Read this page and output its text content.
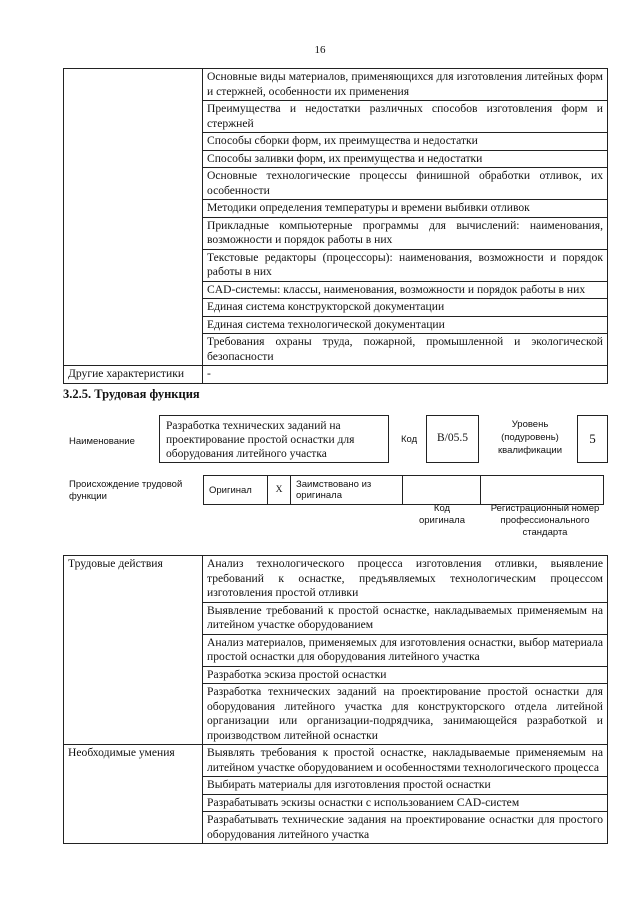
16
	Основные виды материалов, применяющихся для изготовления литейных форм и стержней, особенности их применения
	Преимущества и недостатки различных способов изготовления форм и стержней
	Способы сборки форм, их преимущества и недостатки
	Способы заливки форм, их преимущества и недостатки
	Основные технологические процессы финишной обработки отливок, их особенности
	Методики определения температуры и времени выбивки отливок
	Прикладные компьютерные программы для вычислений: наименования, возможности и порядок работы в них
	Текстовые редакторы (процессоры): наименования, возможности и порядок работы в них
	CAD-системы: классы, наименования, возможности и порядок работы в них
	Единая система конструкторской документации
	Единая система технологической документации
	Требования охраны труда, пожарной, промышленной и экологической безопасности
Другие характеристики	-
3.2.5. Трудовая функция
Наименование
Разработка технических заданий на проектирование простой оснастки для оборудования литейного участка
Код	B/05.5
Уровень (подуровень) квалификации
5
Происхождение трудовой функции
Оригинал	X	Заимствовано из оригинала		
Код оригинала
Регистрационный номер профессионального стандарта
Трудовые действия	Анализ технологического процесса изготовления отливки, выявление требований к оснастке, предъявляемых технологическим процессом изготовления простой отливки
	Выявление требований к простой оснастке, накладываемых применяемым на литейном участке оборудованием
	Анализ материалов, применяемых для изготовления оснастки, выбор материала простой оснастки для оборудования литейного участка
	Разработка эскиза простой оснастки
	Разработка технических заданий на проектирование простой оснастки для оборудования литейного участка для конструкторского отдела литейной организации или организации-подрядчика, занимающейся разработкой и производством литейной оснастки
Необходимые умения	Выявлять требования к простой оснастке, накладываемые применяемым на литейном участке оборудованием и особенностями технологического процесса
	Выбирать материалы для изготовления простой оснастки
	Разрабатывать эскизы оснастки с использованием CAD-систем
	Разрабатывать технические задания на проектирование оснастки для простого оборудования литейного участка
